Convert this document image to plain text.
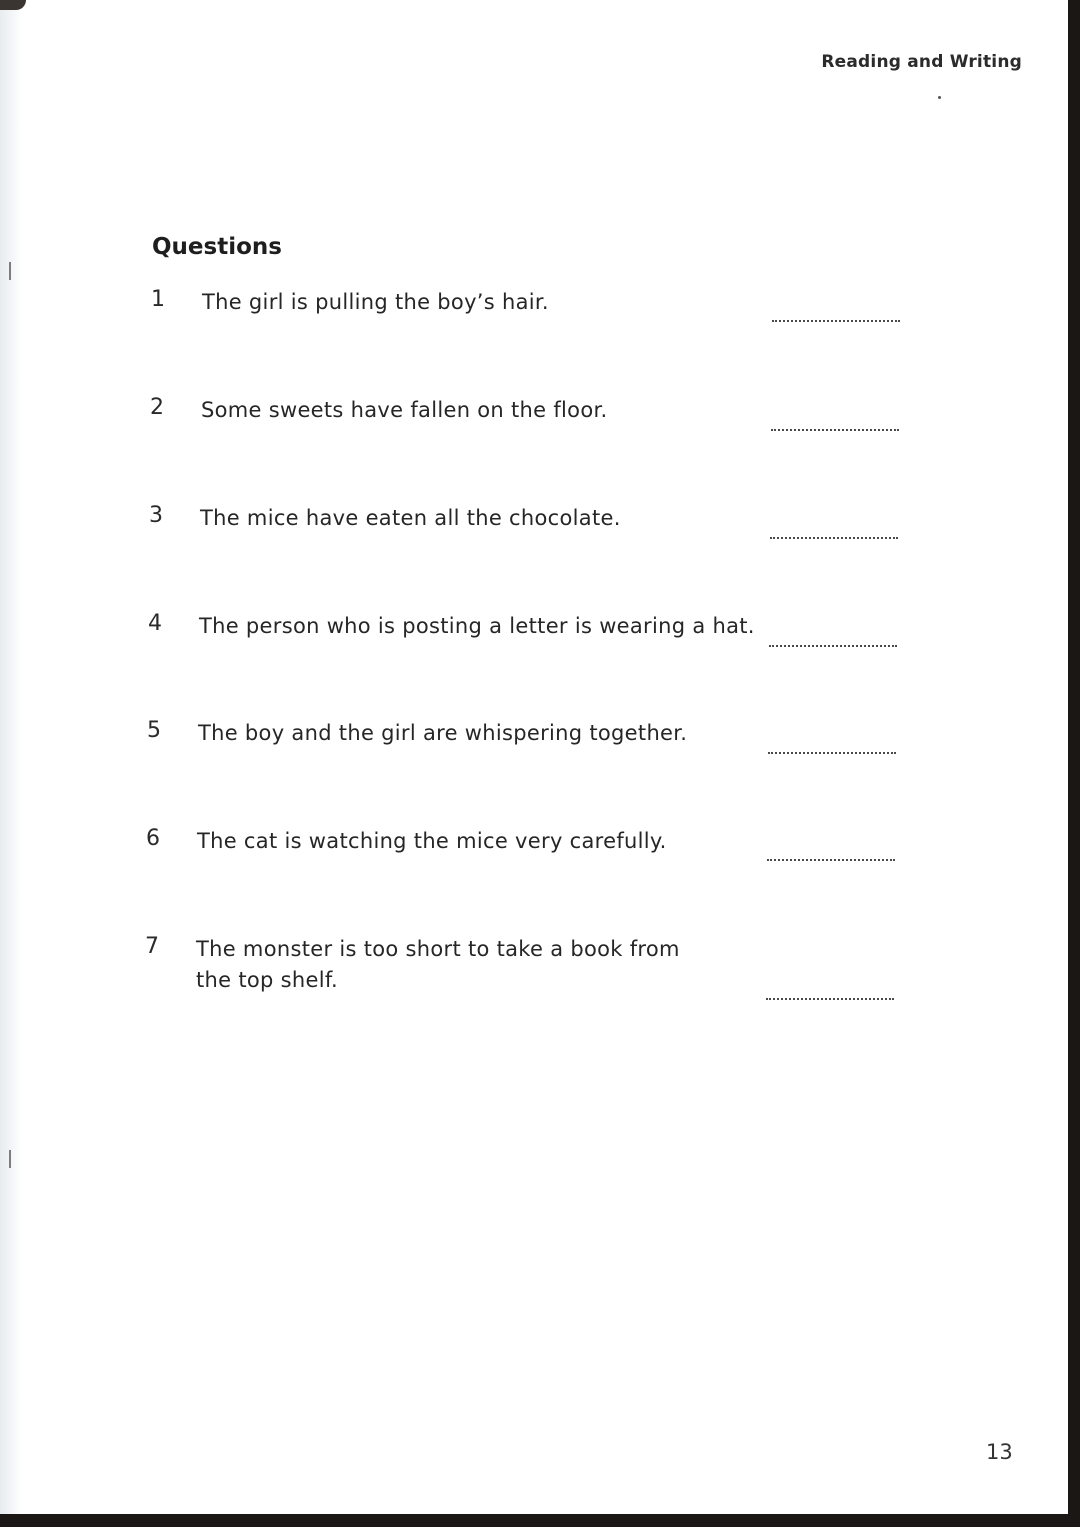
Reading and Writing
Questions
1	The girl is pulling the boy’s hair.
2	Some sweets have fallen on the floor.
3	The mice have eaten all the chocolate.
4	The person who is posting a letter is wearing a hat.
5	The boy and the girl are whispering together.
6	The cat is watching the mice very carefully.
7	The monster is too short to take a book from the top shelf.
13
